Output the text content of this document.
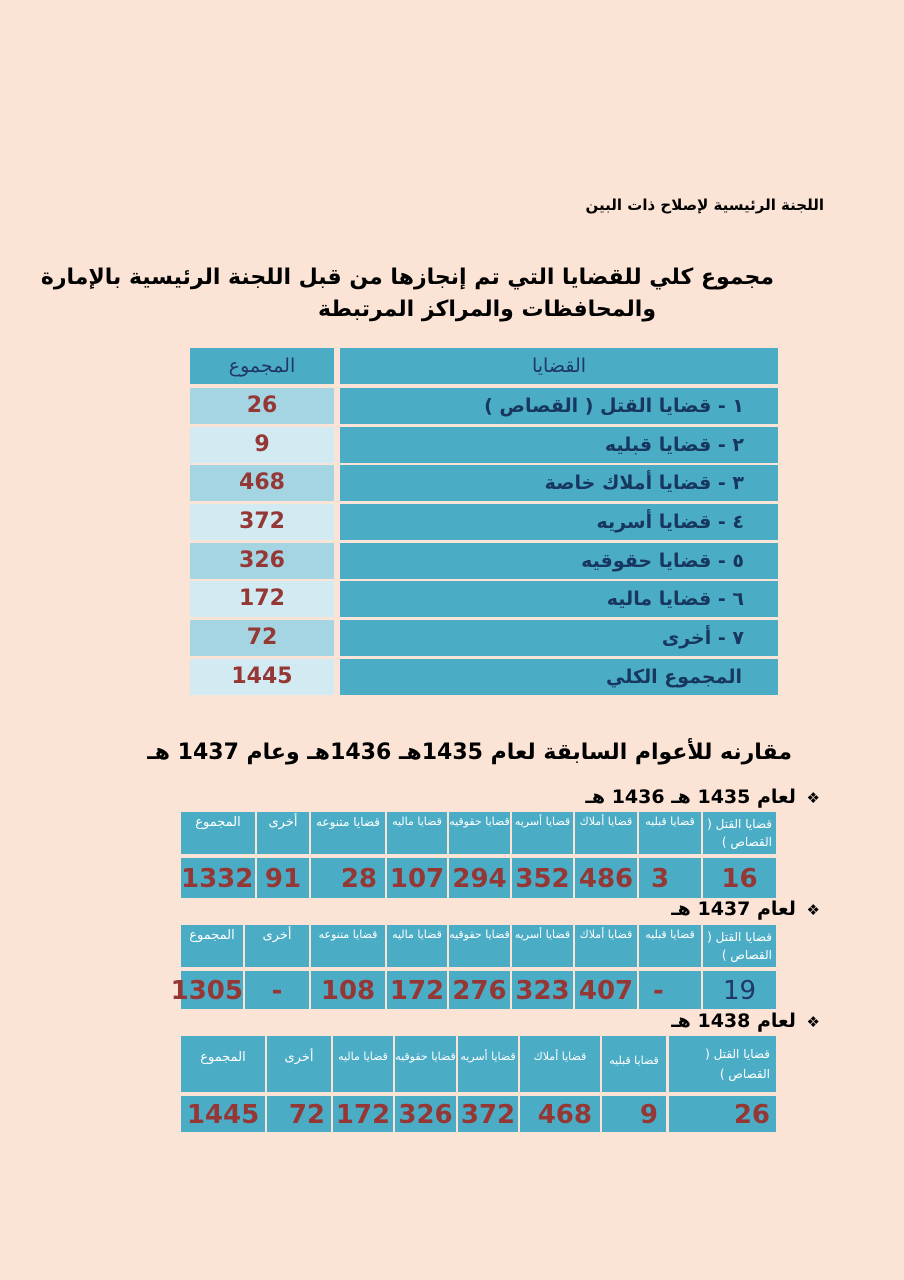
اللجنة الرئيسية لإصلاح ذات البين
مجموع كلي للقضايا التي تم إنجازها من قبل اللجنة الرئيسية بالإمارة
والمحافظات والمراكز المرتبطة
القضايا
المجموع
١ - قضايا القتل ( القصاص )
26
٢ - قضايا قبليه
9
٣ - قضايا أملاك خاصة
468
٤ - قضايا أسريه
372
٥ - قضايا حقوقيه
326
٦ - قضايا ماليه
172
٧ - أخرى
72
المجموع الكلي
1445
مقارنه للأعوام السابقة لعام 1435هـ 1436هـ وعام 1437 هـ
❖ لعام 1435 هـ 1436 هـ
قضايا القتل ( القصاص )
قضايا قبليه
قضايا أملاك
قضايا أسريه
قضايا حقوقيه
قضايا ماليه
قضايا متنوعه
أخرى
المجموع
16
3
486
352
294
107
28
91
1332
❖ لعام 1437 هـ
قضايا القتل ( القصاص )
قضايا قبليه
قضايا أملاك
قضايا أسريه
قضايا حقوقيه
قضايا ماليه
قضايا متنوعه
أخرى
المجموع
19
-
407
323
276
172
108
-
1305
❖ لعام 1438 هـ
قضايا القتل ( القصاص )
قضايا قبليه
قضايا أملاك
قضايا أسريه
قضايا حقوقيه
قضايا ماليه
أخرى
المجموع
26
9
468
372
326
172
72
1445
